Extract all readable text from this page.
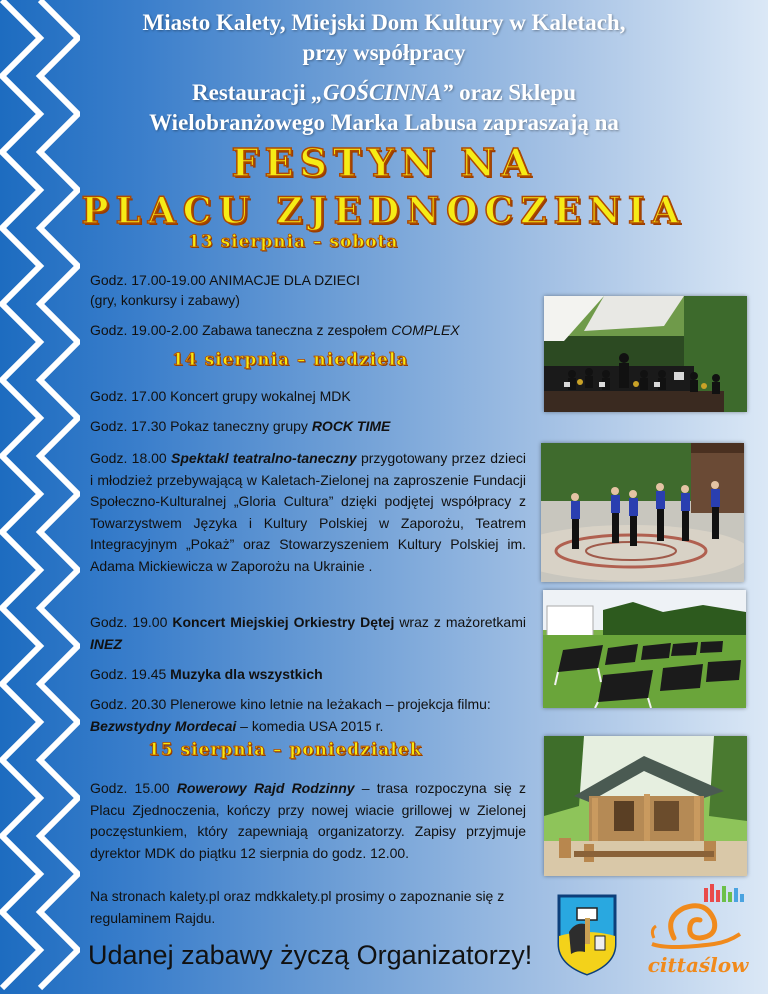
Miasto Kalety, Miejski Dom Kultury w Kaletach,
przy współpracy
Restauracji „GOŚCINNA” oraz Sklepu
Wielobranżowego Marka Labusa zapraszają na
FESTYN NA
PLACU ZJEDNOCZENIA
13 sierpnia – sobota
Godz. 17.00-19.00 ANIMACJE DLA DZIECI
(gry, konkursy i zabawy)
Godz. 19.00-2.00 Zabawa taneczna z zespołem COMPLEX
14 sierpnia – niedziela
Godz. 17.00 Koncert grupy wokalnej MDK
Godz. 17.30 Pokaz taneczny grupy ROCK TIME
Godz. 18.00 Spektakl teatralno-taneczny przygotowany przez dzieci i młodzież przebywającą w Kaletach-Zielonej na zaproszenie Fundacji Społeczno-Kulturalnej „Gloria Cultura” dzięki podjętej współpracy z Towarzystwem Języka i Kultury Polskiej w Zaporożu, Teatrem Integracyjnym „Pokaż” oraz Stowarzyszeniem Kultury Polskiej im. Adama Mickiewicza w Zaporożu na Ukrainie .
Godz. 19.00 Koncert Miejskiej Orkiestry Dętej wraz z mażoretkami INEZ
Godz. 19.45 Muzyka dla wszystkich
Godz. 20.30 Plenerowe kino letnie na leżakach – projekcja filmu: Bezwstydny Mordecai – komedia USA 2015 r.
15 sierpnia – poniedziałek
Godz. 15.00 Rowerowy Rajd Rodzinny – trasa rozpoczyna się z Placu Zjednoczenia, kończy przy nowej wiacie grillowej w Zielonej poczęstunkiem, który zapewniają organizatorzy. Zapisy przyjmuje dyrektor MDK do piątku 12 sierpnia do godz. 12.00.
Na stronach kalety.pl oraz mdkkalety.pl prosimy o zapoznanie się z regulaminem Rajdu.
Udanej zabawy życzą Organizatorzy!	cittaślow
